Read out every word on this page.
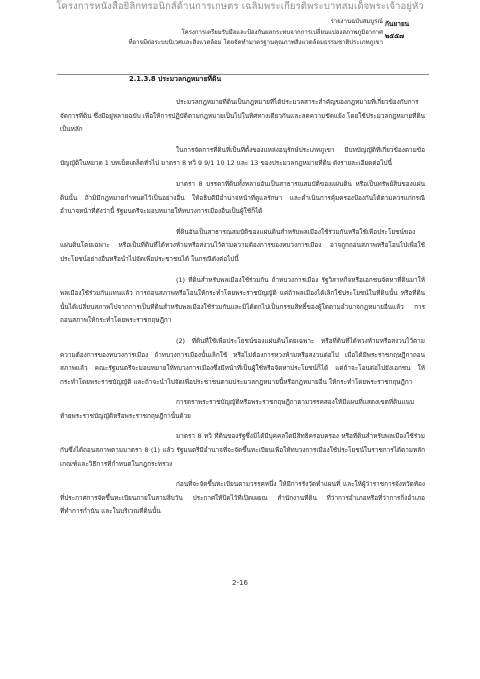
โครงการหนังสือยิลิกทรอนิกส์ด้านการเกษตร เฉลิมพระเกียรติพระบาทสมเด็จพระเจ้าอยู่หัว
รายงานฉบับสมบูรณ์
โครงการเตรียมรับมือและป้องกันผลกระทบจากการเปลี่ยนแปลงสภาพภูมิอากาศ
ที่อาจมีต่อระบบนิเวศและสิ่งแวดล้อม โดยจัดทำมาตรฐานคุณภาพสิ่งแวดล้อมธรรมชาติประเภทภูเขา
กันยายน
๒๕๕๗
2.1.3.8 ประมวลกฎหมายที่ดิน

ประมวลกฎหมายที่ดินเป็นกฎหมายที่ได้ประมวลสาระสำคัญของกฎหมายที่เกี่ยวข้องกับการจัดการที่ดิน ซึ่งมีอยู่หลายฉบับ เพื่อให้การปฏิบัติตามกฎหมายเป็นไปในทิศทางเดียวกันและลดความขัดแย้ง โดยใช้ประมวลกฎหมายที่ดินเป็นหลัก

ในการจัดการที่ดินที่เป็นที่ตั้งของแหล่งอนุรักษ์ประเภทภูเขา มีบทบัญญัติที่เกี่ยวข้องตามข้อบัญญัติในหมวด 1 บทเบ็ดเตล็ดทั่วไป มาตรา 8 ทวิ 9 9/1 10 12 และ 13 ของประมวลกฎหมายที่ดิน ดังรายละเอียดต่อไปนี้

มาตรา 8 บรรดาที่ดินทั้งหลายอันเป็นสาธารณสมบัติของแผ่นดิน หรือเป็นทรัพย์สินของแผ่นดินนั้น ถ้ามิมีกฎหมายกำหนดไว้เป็นอย่างอื่น ให้อธิบดีมีอำนาจหน้าที่ดูแลรักษา และดำเนินการคุ้มครองป้องกันได้ตามควรแก่กรณี อำนาจหน้าที่ดังว่านี้ รัฐมนตรีจะมอบหมายให้ทบวงการเมืองอื่นเป็นผู้ใช้ก็ได้

ที่ดินอันเป็นสาธารณสมบัติของแผ่นดินสำหรับพลเมืองใช้ร่วมกันหรือใช้เพื่อประโยชน์ของแผ่นดินโดยเฉพาะ หรือเป็นที่ดินที่ได้หวงห้ามหรือสงวนไว้ตามความต้องการของทบวงการเมือง อาจถูกถอนสภาพหรือโอนไปเพื่อใช้ประโยชน์อย่างอื่นหรือนำไปจัดเพื่อประชาชนได้ ในกรณีดังต่อไปนี้

(1) ที่ดินสำหรับพลเมืองใช้ร่วมกัน ถ้าทบวงการเมือง รัฐวิสาหกิจหรือเอกชนจัดหาที่ดินมาให้พลเมืองใช้ร่วมกันแทนแล้ว การถอนสภาพหรือโอนให้กระทำโดยพระราชบัญญัติ แต่ถ้าพลเมืองได้เลิกใช้ประโยชน์ในที่ดินนั้น หรือที่ดินนั้นได้เปลี่ยนสภาพไปจากการเป็นที่ดินสำหรับพลเมืองใช้ร่วมกันและมิได้ตกไปเป็นกรรมสิทธิ์ของผู้ใดตามอำนาจกฎหมายอื่นแล้ว การถอนสภาพให้กระทำโดยพระราชกฤษฎีกา

(2) ที่ดินที่ใช้เพื่อประโยชน์ของแผ่นดินโดยเฉพาะ หรือที่ดินที่ได้หวงห้ามหรือสงวนไว้ตามความต้องการของทบวงการเมือง ถ้าทบวงการเมืองนั้นเลิกใช้ หรือไม่ต้องการหวงห้ามหรือสงวนต่อไป เมื่อได้มีพระราชกฤษฎีกาถอนสภาพแล้ว คณะรัฐมนตรีจะมอบหมายให้ทบวงการเมืองซึ่งมีหน้าที่เป็นผู้ใช้หรือจัดหาประโยชน์ก็ได้ แต่ถ้าจะโอนต่อไปยังเอกชน ให้กระทำโดยพระราชบัญญัติ และถ้าจะนำไปจัดเพื่อประชาชนตามประมวลกฎหมายนี้หรือกฎหมายอื่น ให้กระทำโดยพระราชกฤษฎีกา

การตราพระราชบัญญัติหรือพระราชกฤษฎีกาตามวรรคสองให้มีแผนที่แสดงเขตที่ดินแนบท้ายพระราชบัญญัติหรือพระราชกฤษฎีกานั้นด้วย

มาตรา 8 ทวิ ที่ดินของรัฐซึ่งมิได้มีบุคคลใดมีสิทธิครอบครอง หรือที่ดินสำหรับพลเมืองใช้ร่วมกันซึ่งได้ถอนสภาพตามมาตรา 8 (1) แล้ว รัฐมนตรีมีอำนาจที่จะจัดขึ้นทะเบียนเพื่อให้ทบวงการเมืองใช้ประโยชน์ในราชการได้ตามหลักเกณฑ์และวิธีการที่กำหนดในกฎกระทรวง

ก่อนที่จะจัดขึ้นทะเบียนตามวรรคหนึ่ง ให้มีการรังวัดทำแผนที่ และให้ผู้ว่าราชการจังหวัดท้องที่ประกาศการจัดขึ้นทะเบียนภายในสามสิบวัน ประกาศให้ปิดไว้ที่เปิดเผยณ สำนักงานที่ดิน ที่ว่าการอำเภอหรือที่ว่าการกิ่งอำเภอ ที่ทำการกำนัน และในบริเวณที่ดินนั้น

2-16
